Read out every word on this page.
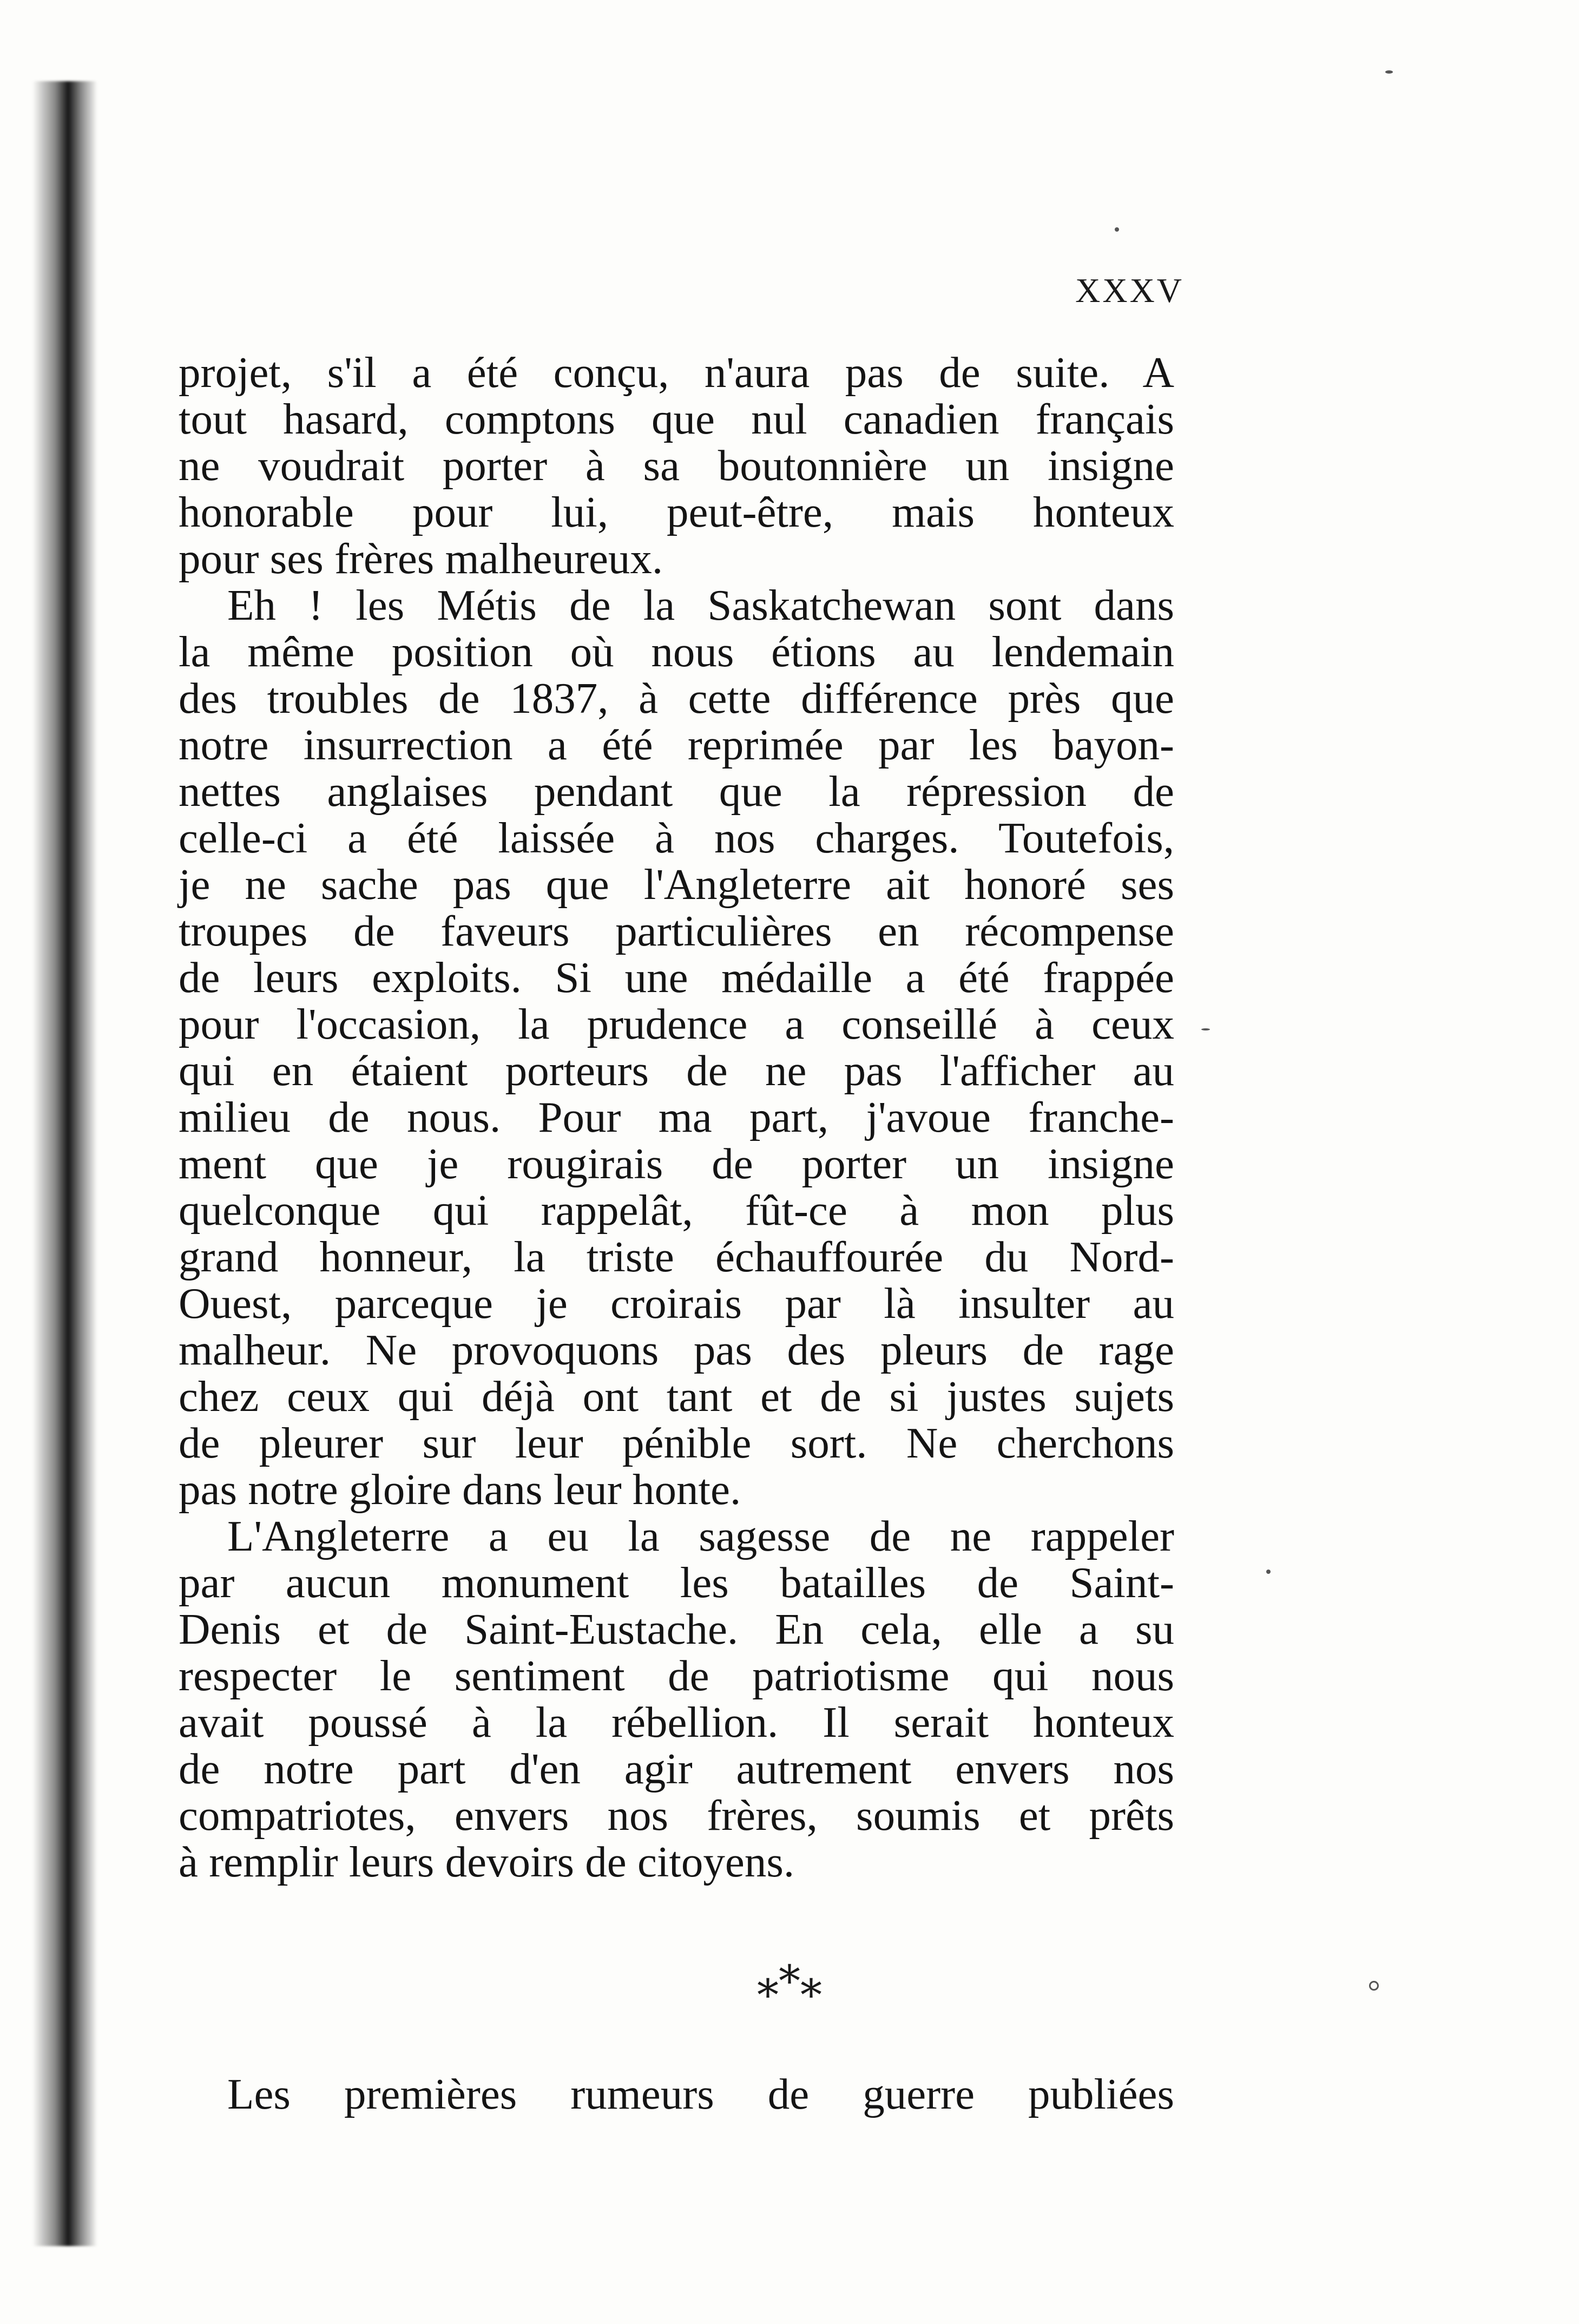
XXXV
projet, s'il a été conçu, n'aura pas de suite. A
tout hasard, comptons que nul canadien français
ne voudrait porter à sa boutonnière un insigne
honorable pour lui, peut-être, mais honteux
pour ses frères malheureux.
Eh ! les Métis de la Saskatchewan sont dans
la même position où nous étions au lendemain
des troubles de 1837, à cette différence près que
notre insurrection a été reprimée par les bayon-
nettes anglaises pendant que la répression de
celle-ci a été laissée à nos charges. Toutefois,
je ne sache pas que l'Angleterre ait honoré ses
troupes de faveurs particulières en récompense
de leurs exploits. Si une médaille a été frappée
pour l'occasion, la prudence a conseillé à ceux
qui en étaient porteurs de ne pas l'afficher au
milieu de nous. Pour ma part, j'avoue franche-
ment que je rougirais de porter un insigne
quelconque qui rappelât, fût-ce à mon plus
grand honneur, la triste échauffourée du Nord-
Ouest, parceque je croirais par là insulter au
malheur. Ne provoquons pas des pleurs de rage
chez ceux qui déjà ont tant et de si justes sujets
de pleurer sur leur pénible sort. Ne cherchons
pas notre gloire dans leur honte.
L'Angleterre a eu la sagesse de ne rappeler
par aucun monument les batailles de Saint-
Denis et de Saint-Eustache. En cela, elle a su
respecter le sentiment de patriotisme qui nous
avait poussé à la rébellion. Il serait honteux
de notre part d'en agir autrement envers nos
compatriotes, envers nos frères, soumis et prêts
à remplir leurs devoirs de citoyens.
***
Les premières rumeurs de guerre publiées
